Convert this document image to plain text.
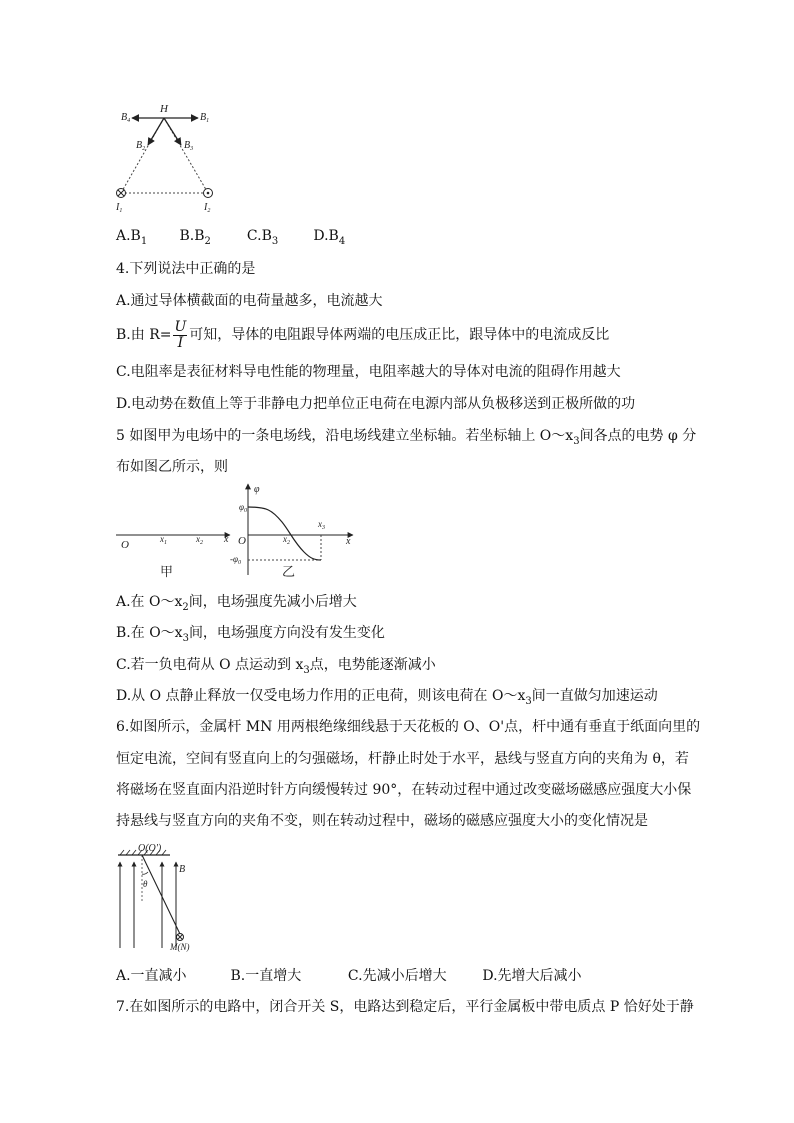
H
$B_4$	$B_1$
$B_2$	$B_3$
$I_1$	$I_2$
$A.B_1$ $B.B_2$	$C.B_3$	$D.B_4$
4.下列说法中正确的是
A.通过导体横截面的电荷量越多，电流越大
B.由 $R= \frac{U}{I}$ 可知，导体的电阻跟导体两端的电压成正比，跟导体中的电流成反比
C.电阻率是表征材料导电性能的物理量，电阻率越大的导体对电流的阻碍作用越大
D.电动势在数值上等于非静电力把单位正电荷在电源内部从负极移送到正极所做的功
5 如图甲为电场中的一条电场线，沿电场线建立坐标轴。若坐标轴上 $O\sim x_3$间各点的电势 φ 分
布如图乙所示，则
O	$x_1$	$x_2$ x
甲
φ
$\varphi_0$
$-\varphi_0$
O	$x_2$
$x_3$
x
乙
A.在 $O\sim x_2$间，电场强度先减小后增大
B.在 $O\sim x_3$间，电场强度方向没有发生变化
C.若一负电荷从 O 点运动到 $x_3$点，电势能逐渐减小
D.从 O 点静止释放一仅受电场力作用的正电荷，则该电荷在 $O\sim x_3$间一直做匀加速运动
6.如图所示，金属杆 MN 用两根绝缘细线悬于天花板的 O、O'点，杆中通有垂直于纸面向里的
恒定电流，空间有竖直向上的匀强磁场，杆静止时处于水平，悬线与竖直方向的夹角为 θ，若
将磁场在竖直面内沿逆时针方向缓慢转过 90°，在转动过程中通过改变磁场磁感应强度大小保
持悬线与竖直方向的夹角不变，则在转动过程中，磁场的磁感应强度大小的变化情况是
O(O')
B
θ
M(N)
A.一直减小	B.一直增大	C.先减小后增大	D.先增大后减小
7.在如图所示的电路中，闭合开关 S，电路达到稳定后，平行金属板中带电质点 P 恰好处于静
